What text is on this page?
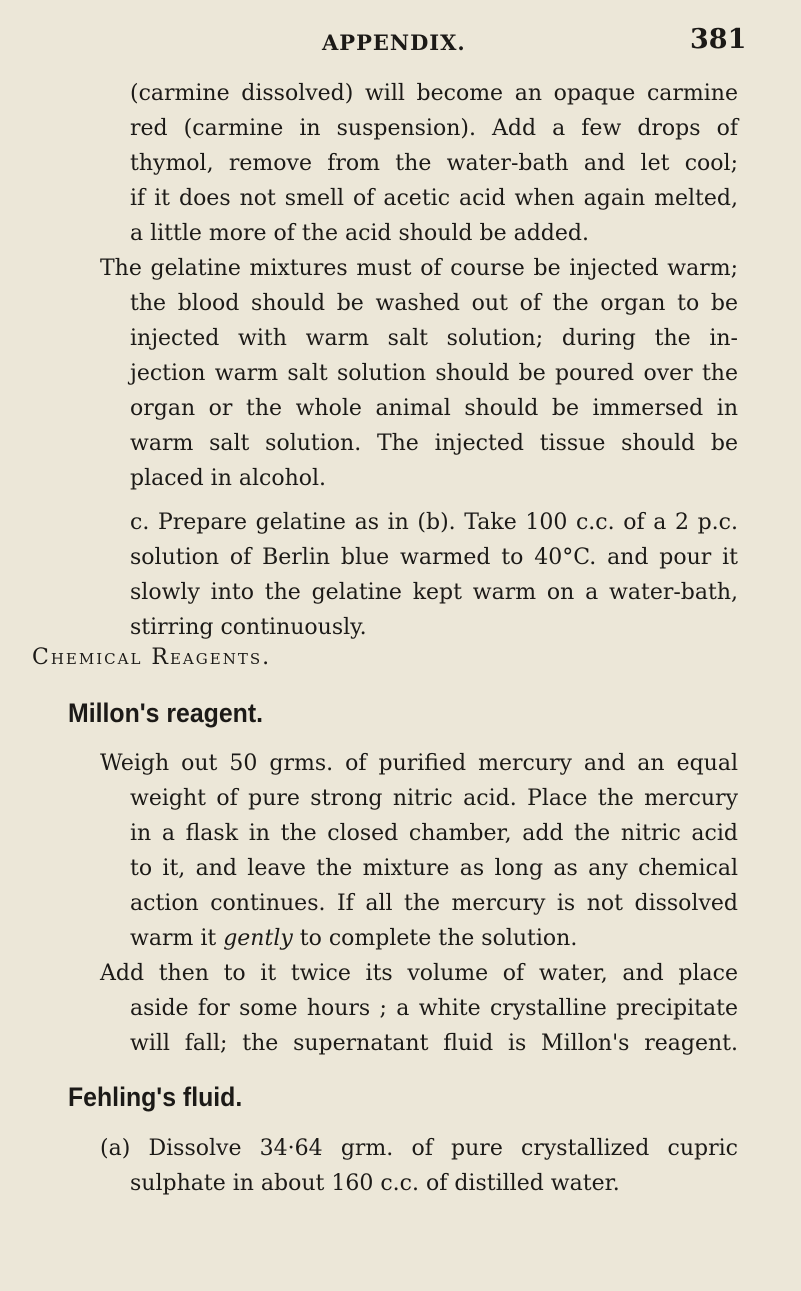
APPENDIX.	381
(carmine dissolved) will become an opaque carmine
red (carmine in suspension). Add a few drops of
thymol, remove from the water-bath and let cool;
if it does not smell of acetic acid when again melted,
a little more of the acid should be added.
The gelatine mixtures must of course be injected warm;
the blood should be washed out of the organ to be
injected with warm salt solution; during the in-
jection warm salt solution should be poured over the
organ or the whole animal should be immersed in
warm salt solution. The injected tissue should be
placed in alcohol.
c. Prepare gelatine as in (b). Take 100 c.c. of a 2 p.c.
solution of Berlin blue warmed to 40°C. and pour it
slowly into the gelatine kept warm on a water-bath,
stirring continuously.
Chemical Reagents.
Millon's reagent.
Weigh out 50 grms. of purified mercury and an equal
weight of pure strong nitric acid. Place the mercury
in a flask in the closed chamber, add the nitric acid
to it, and leave the mixture as long as any chemical
action continues. If all the mercury is not dissolved
warm it gently to complete the solution.
Add then to it twice its volume of water, and place
aside for some hours ; a white crystalline precipitate
will fall; the supernatant fluid is Millon's reagent.
Fehling's fluid.
(a) Dissolve 34·64 grm. of pure crystallized cupric
sulphate in about 160 c.c. of distilled water.
